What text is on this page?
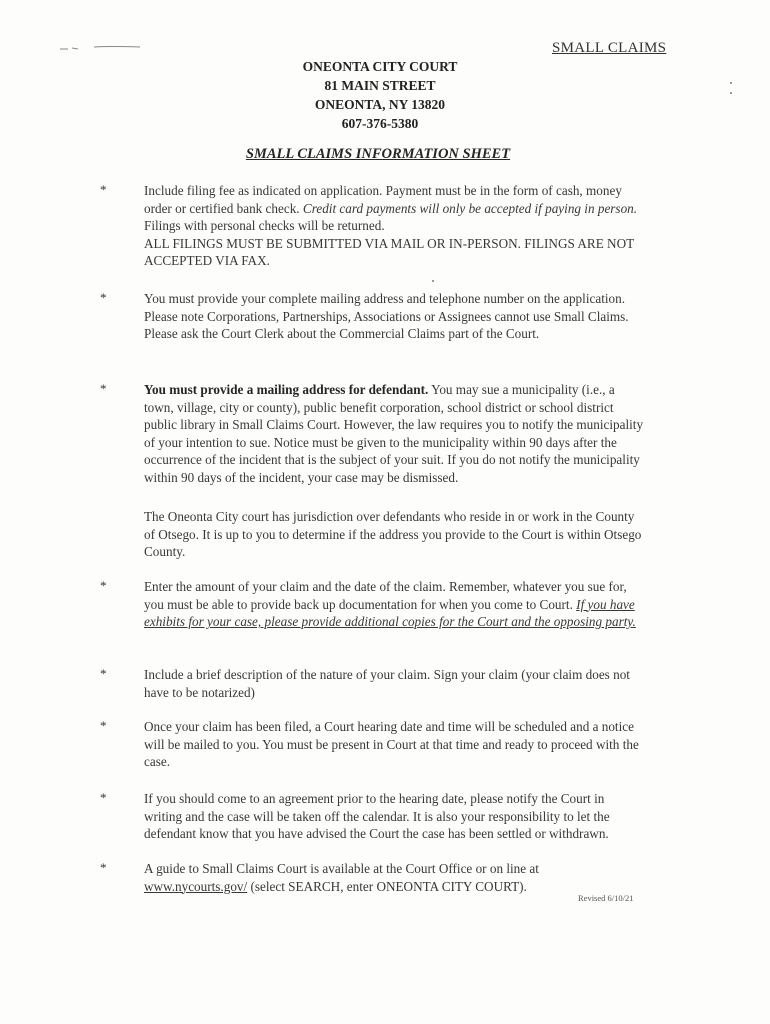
SMALL CLAIMS
ONEONTA CITY COURT
81 MAIN STREET
ONEONTA, NY 13820
607-376-5380
SMALL CLAIMS INFORMATION SHEET
*	Include filing fee as indicated on application. Payment must be in the form of cash, money order or certified bank check. Credit card payments will only be accepted if paying in person. Filings with personal checks will be returned.
ALL FILINGS MUST BE SUBMITTED VIA MAIL OR IN-PERSON. FILINGS ARE NOT ACCEPTED VIA FAX.
*	You must provide your complete mailing address and telephone number on the application. Please note Corporations, Partnerships, Associations or Assignees cannot use Small Claims. Please ask the Court Clerk about the Commercial Claims part of the Court.
*	You must provide a mailing address for defendant. You may sue a municipality (i.e., a town, village, city or county), public benefit corporation, school district or school district public library in Small Claims Court. However, the law requires you to notify the municipality of your intention to sue. Notice must be given to the municipality within 90 days after the occurrence of the incident that is the subject of your suit. If you do not notify the municipality within 90 days of the incident, your case may be dismissed.
The Oneonta City court has jurisdiction over defendants who reside in or work in the County of Otsego. It is up to you to determine if the address you provide to the Court is within Otsego County.
*	Enter the amount of your claim and the date of the claim. Remember, whatever you sue for, you must be able to provide back up documentation for when you come to Court. If you have exhibits for your case, please provide additional copies for the Court and the opposing party.
*	Include a brief description of the nature of your claim. Sign your claim (your claim does not have to be notarized)
*	Once your claim has been filed, a Court hearing date and time will be scheduled and a notice will be mailed to you. You must be present in Court at that time and ready to proceed with the case.
*	If you should come to an agreement prior to the hearing date, please notify the Court in writing and the case will be taken off the calendar. It is also your responsibility to let the defendant know that you have advised the Court the case has been settled or withdrawn.
*	A guide to Small Claims Court is available at the Court Office or on line at www.nycourts.gov/ (select SEARCH, enter ONEONTA CITY COURT).
Revised 6/10/21
